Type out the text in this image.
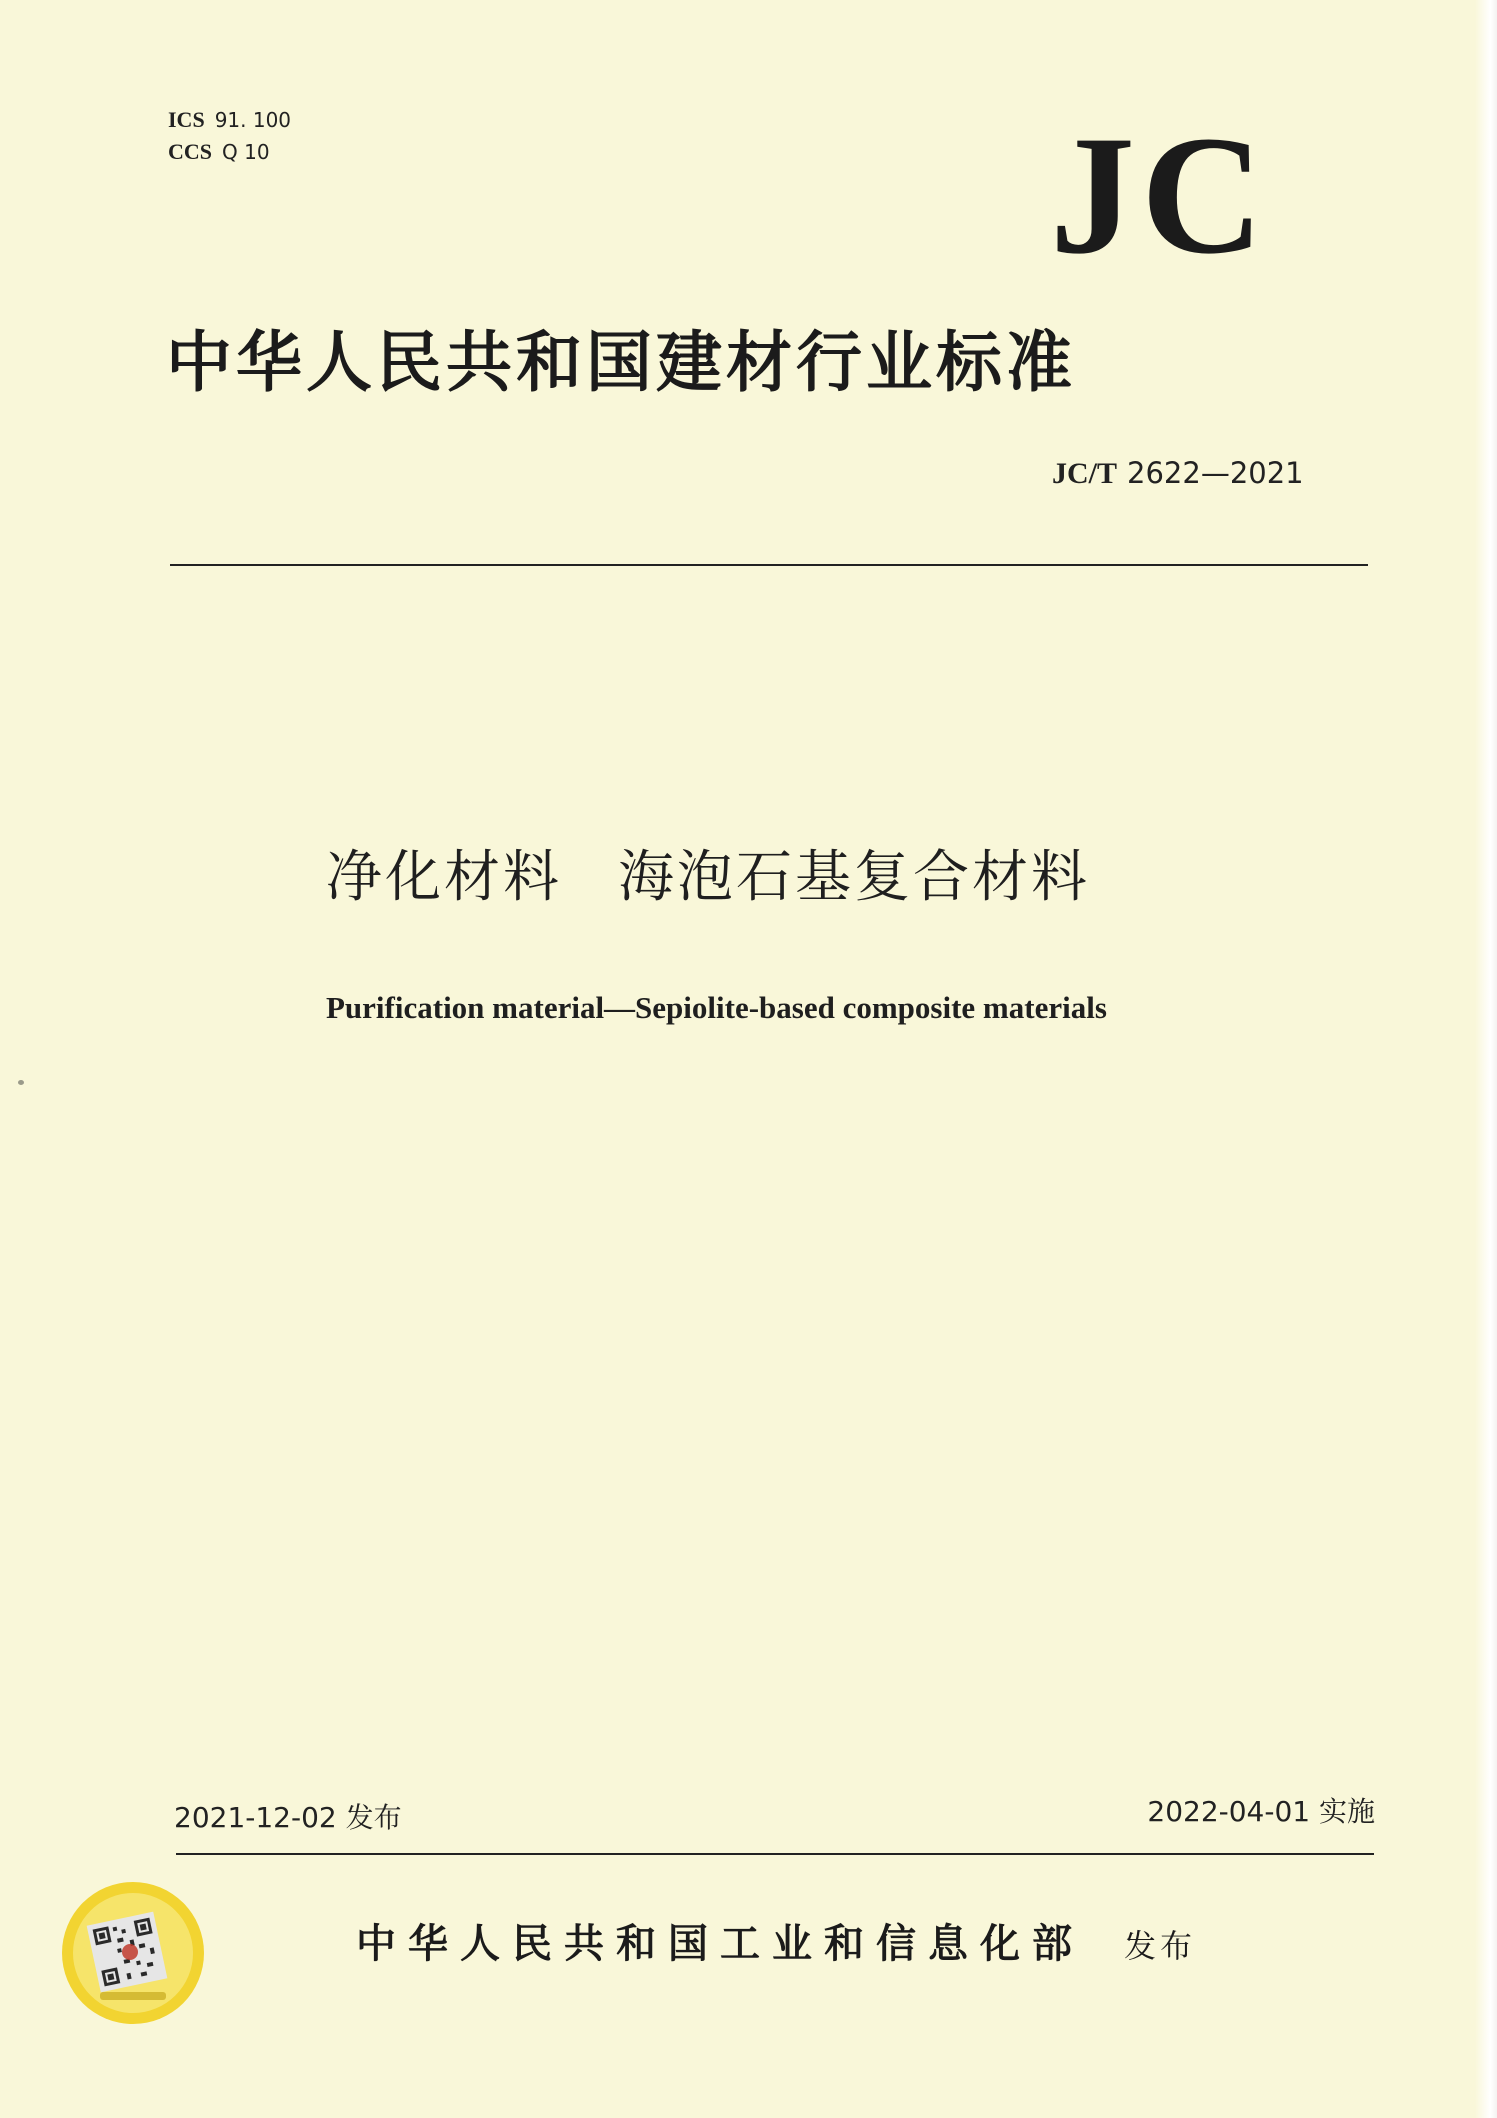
ICS 91. 100
CCS Q 10	JC
中华人民共和国建材行业标准
JC/T 2622—2021
净化材料 海泡石基复合材料
Purification material—Sepiolite-based composite materials
2021-12-02 发布	2022-04-01 实施
中华人民共和国工业和信息化部 发布
